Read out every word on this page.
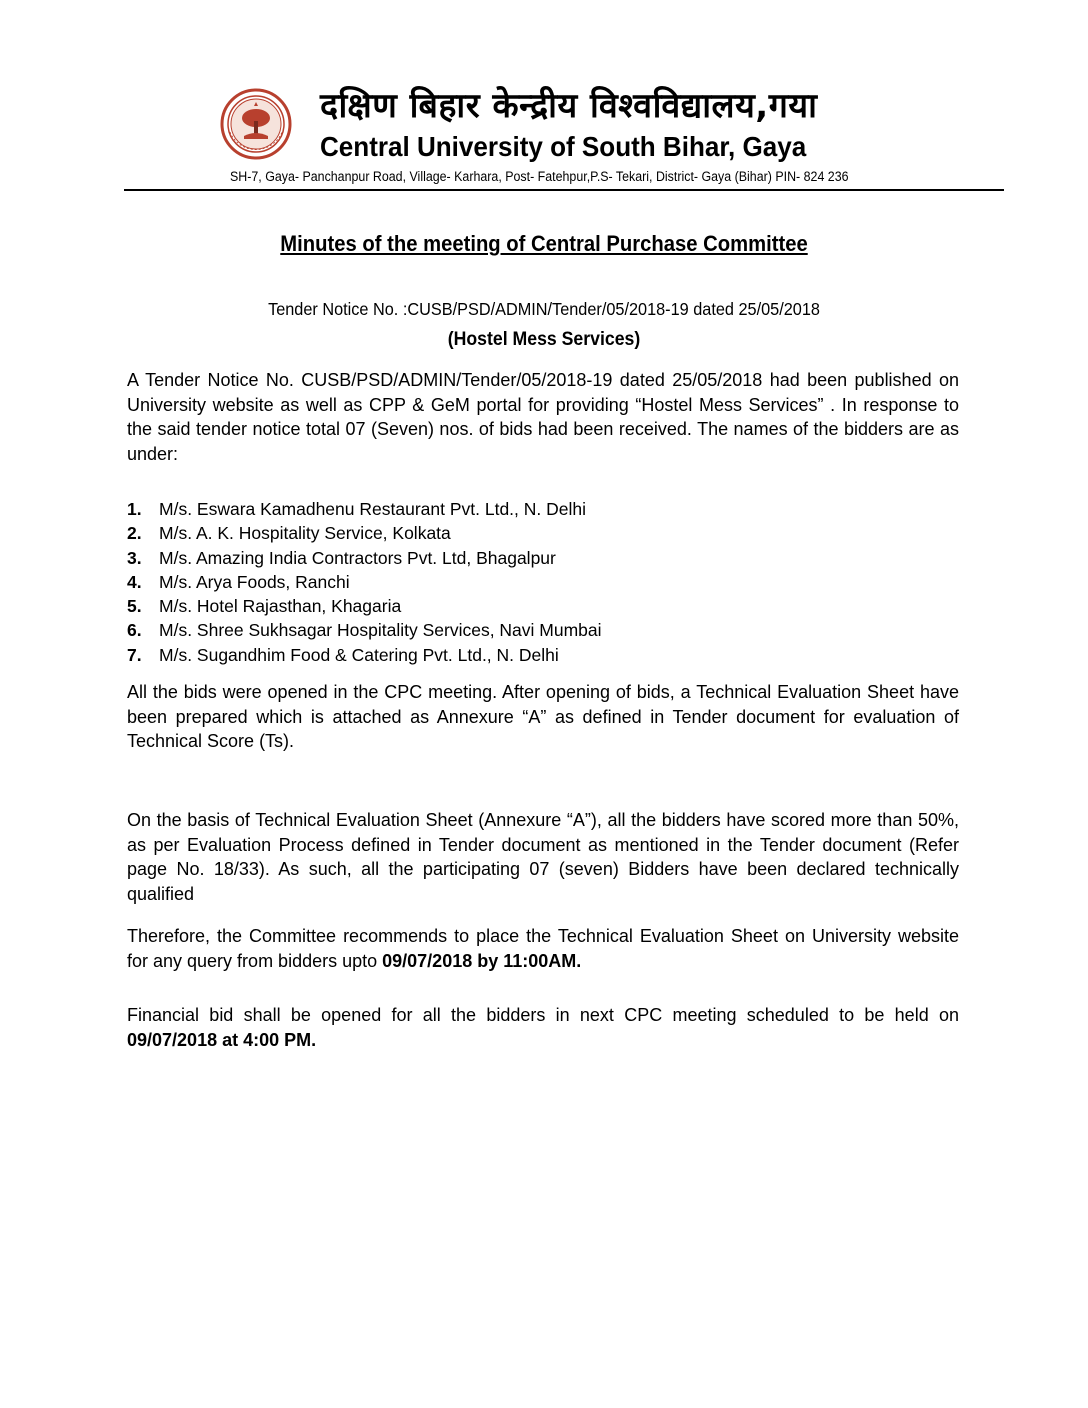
दक्षिण बिहार केन्द्रीय विश्वविद्यालय,गया
Central University of South Bihar, Gaya
SH-7, Gaya- Panchanpur Road, Village- Karhara, Post- Fatehpur,P.S- Tekari, District- Gaya (Bihar) PIN- 824 236
Minutes of the meeting of Central Purchase Committee
Tender Notice No. :CUSB/PSD/ADMIN/Tender/05/2018-19 dated 25/05/2018
(Hostel Mess Services)

A Tender Notice No. CUSB/PSD/ADMIN/Tender/05/2018-19 dated 25/05/2018 had been published on University website as well as CPP & GeM portal for providing “Hostel Mess Services” . In response to the said tender notice total 07 (Seven) nos. of bids had been received. The names of the bidders are as under:

1. M/s. Eswara Kamadhenu Restaurant Pvt. Ltd., N. Delhi
2. M/s. A. K. Hospitality Service, Kolkata
3. M/s. Amazing India Contractors Pvt. Ltd, Bhagalpur
4. M/s. Arya Foods, Ranchi
5. M/s. Hotel Rajasthan, Khagaria
6. M/s. Shree Sukhsagar Hospitality Services, Navi Mumbai
7. M/s. Sugandhim Food & Catering Pvt. Ltd., N. Delhi

All the bids were opened in the CPC meeting. After opening of bids, a Technical Evaluation Sheet have been prepared which is attached as Annexure “A” as defined in Tender document for evaluation of Technical Score (Ts).

On the basis of Technical Evaluation Sheet (Annexure “A”), all the bidders have scored more than 50%, as per Evaluation Process defined in Tender document as mentioned in the Tender document (Refer page No. 18/33). As such, all the participating 07 (seven) Bidders have been declared technically qualified

Therefore, the Committee recommends to place the Technical Evaluation Sheet on University website for any query from bidders upto 09/07/2018 by 11:00AM.

Financial bid shall be opened for all the bidders in next CPC meeting scheduled to be held on 09/07/2018 at 4:00 PM.
